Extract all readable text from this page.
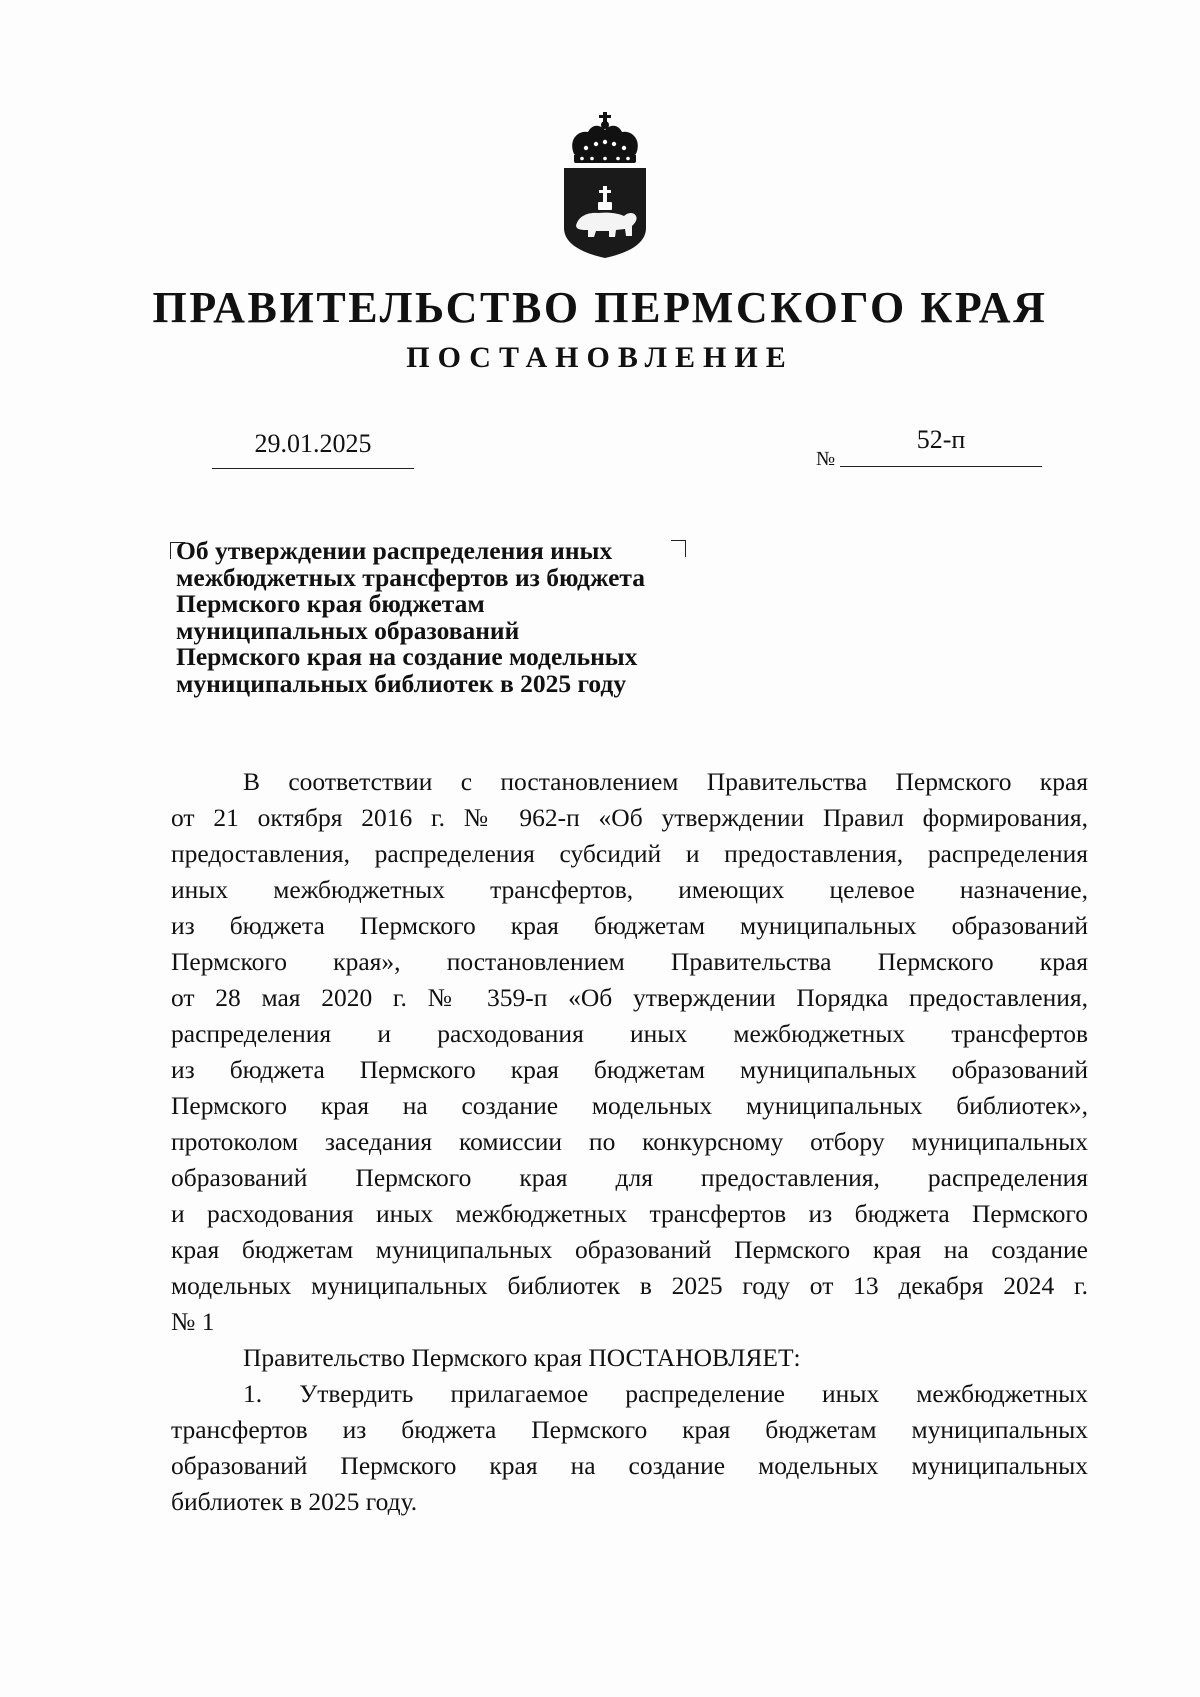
ПРАВИТЕЛЬСТВО ПЕРМСКОГО КРАЯ
ПОСТАНОВЛЕНИЕ
29.01.2025
№
52-п
Об утверждении распределения иных
межбюджетных трансфертов из бюджета
Пермского края бюджетам
муниципальных образований
Пермского края на создание модельных
муниципальных библиотек в 2025 году
В соответствии с постановлением Правительства Пермского края
от 21 октября 2016 г. № 962-п «Об утверждении Правил формирования,
предоставления, распределения субсидий и предоставления, распределения
иных межбюджетных трансфертов, имеющих целевое назначение,
из бюджета Пермского края бюджетам муниципальных образований
Пермского края», постановлением Правительства Пермского края
от 28 мая 2020 г. № 359-п «Об утверждении Порядка предоставления,
распределения и расходования иных межбюджетных трансфертов
из бюджета Пермского края бюджетам муниципальных образований
Пермского края на создание модельных муниципальных библиотек»,
протоколом заседания комиссии по конкурсному отбору муниципальных
образований Пермского края для предоставления, распределения
и расходования иных межбюджетных трансфертов из бюджета Пермского
края бюджетам муниципальных образований Пермского края на создание
модельных муниципальных библиотек в 2025 году от 13 декабря 2024 г.
№ 1
Правительство Пермского края ПОСТАНОВЛЯЕТ:
1. Утвердить прилагаемое распределение иных межбюджетных
трансфертов из бюджета Пермского края бюджетам муниципальных
образований Пермского края на создание модельных муниципальных
библиотек в 2025 году.
